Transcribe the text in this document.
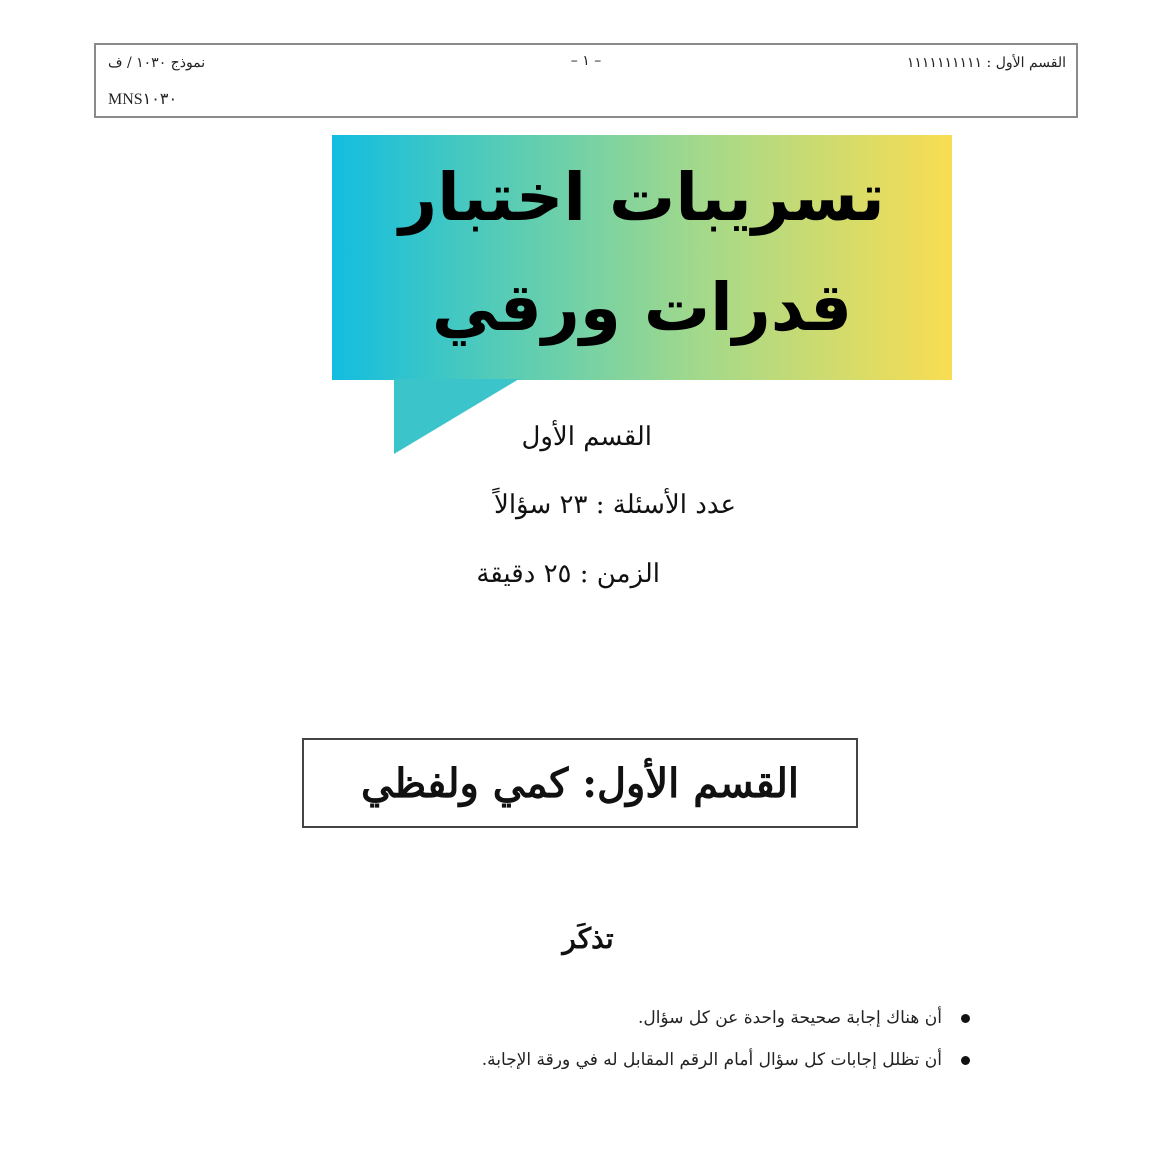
القسم الأول : ١١١١١١١١١١
– ١ –
نموذج ١٠٣٠ / ف
MNS١٠٣٠
تسريبات اختبار
قدرات ورقي
القسم الأول
عدد الأسئلة : ٢٣ سؤالاً
الزمن : ٢٥ دقيقة
القسم الأول: كمي ولفظي
تذكَر
أن هناك إجابة صحيحة واحدة عن كل سؤال.
أن تظلل إجابات كل سؤال أمام الرقم المقابل له في ورقة الإجابة.
